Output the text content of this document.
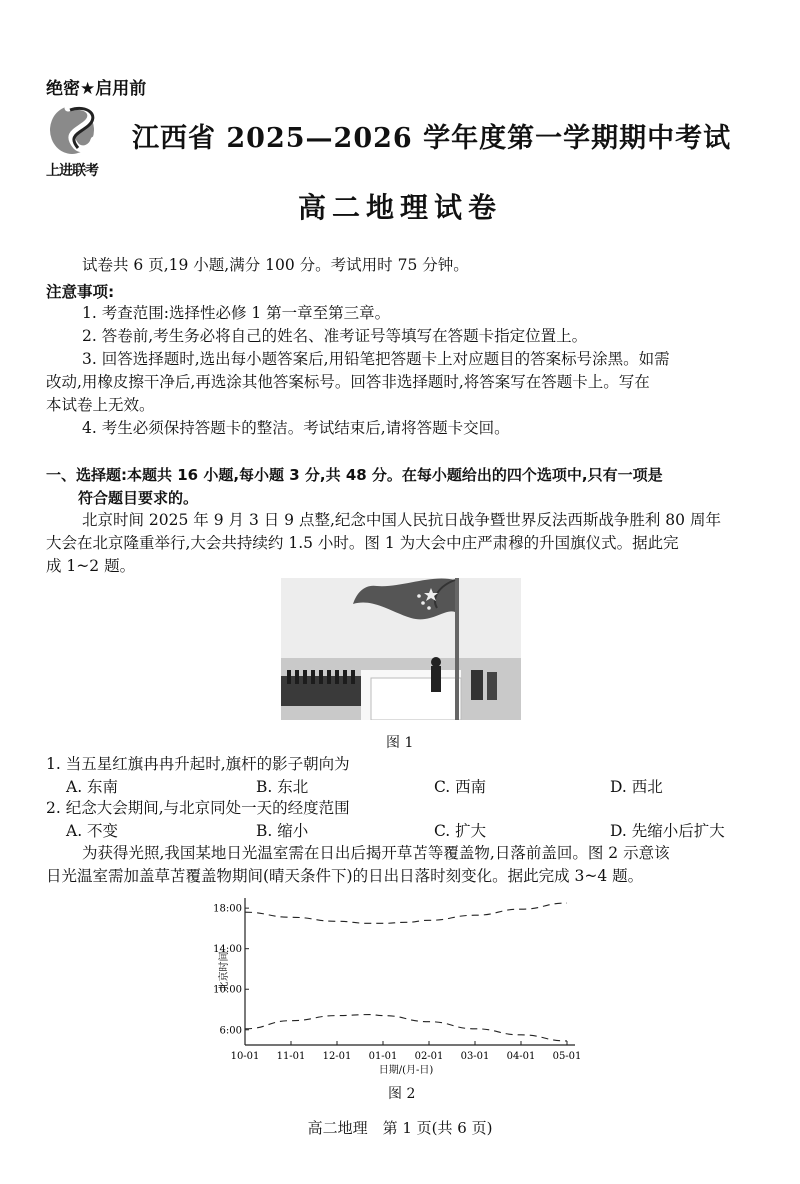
绝密★启用前
上进联考
江西省 2025—2026 学年度第一学期期中考试
高二地理试卷
试卷共 6 页,19 小题,满分 100 分。考试用时 75 分钟。
注意事项:
1. 考查范围:选择性必修 1 第一章至第三章。
2. 答卷前,考生务必将自己的姓名、准考证号等填写在答题卡指定位置上。
3. 回答选择题时,选出每小题答案后,用铅笔把答题卡上对应题目的答案标号涂黑。如需
改动,用橡皮擦干净后,再选涂其他答案标号。回答非选择题时,将答案写在答题卡上。写在
本试卷上无效。
4. 考生必须保持答题卡的整洁。考试结束后,请将答题卡交回。
一、选择题:本题共 16 小题,每小题 3 分,共 48 分。在每小题给出的四个选项中,只有一项是
符合题目要求的。
北京时间 2025 年 9 月 3 日 9 点整,纪念中国人民抗日战争暨世界反法西斯战争胜利 80 周年
大会在北京隆重举行,大会共持续约 1.5 小时。图 1 为大会中庄严肃穆的升国旗仪式。据此完
成 1~2 题。
图 1
1. 当五星红旗冉冉升起时,旗杆的影子朝向为
A. 东南	B. 东北	C. 西南	D. 西北
2. 纪念大会期间,与北京同处一天的经度范围
A. 不变	B. 缩小	C. 扩大	D. 先缩小后扩大
为获得光照,我国某地日光温室需在日出后揭开草苫等覆盖物,日落前盖回。图 2 示意该
日光温室需加盖草苫覆盖物期间(晴天条件下)的日出日落时刻变化。据此完成 3~4 题。
10-01 11-01 12-01 01-01 02-01 03-01 04-01 05-01
6:00
10:00
14:00
18:00
日期/(月-日)
北京时间
图 2
高二地理　第 1 页(共 6 页)
